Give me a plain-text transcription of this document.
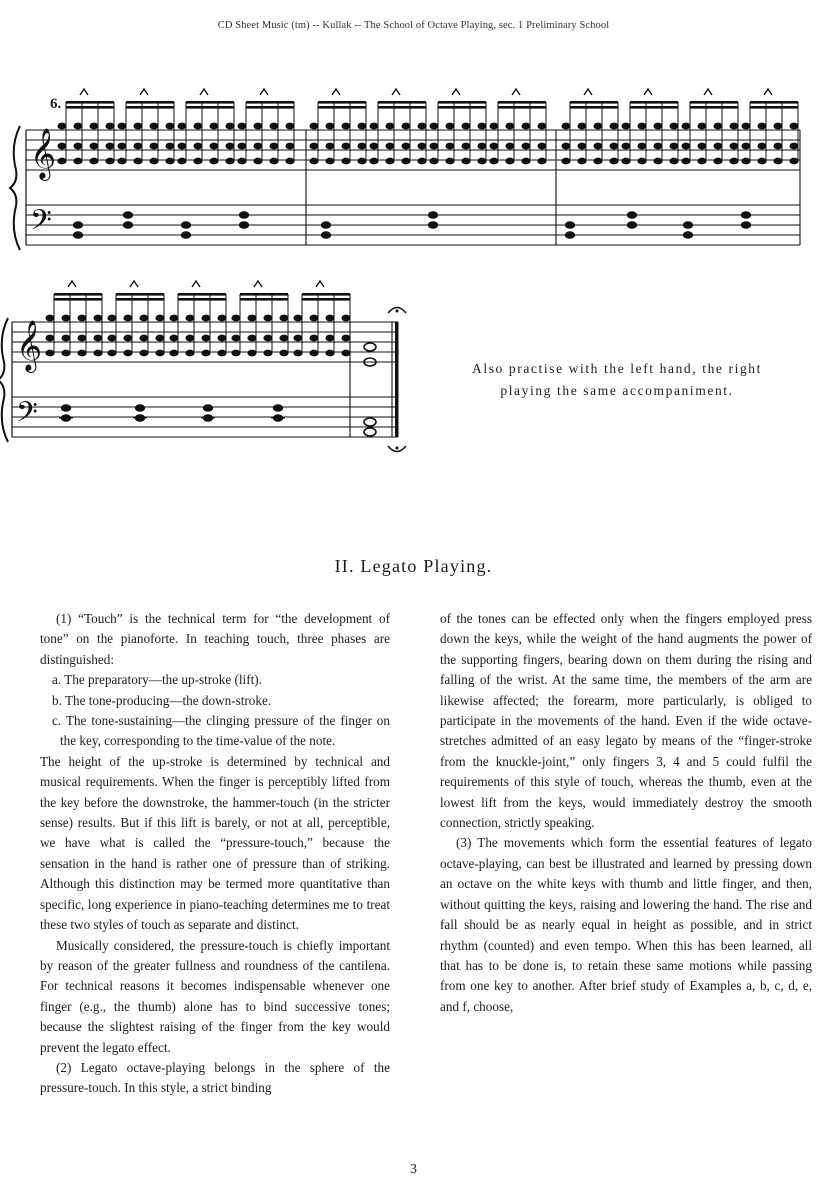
CD Sheet Music (tm) -- Kullak -- The School of Octave Playing, sec. 1 Preliminary School
𝄞
𝄢
𝄞
𝄢
6.
Also practise with the left hand, the right playing the same accompaniment.
II. Legato Playing.

(1) “Touch” is the technical term for “the development of tone” on the pianoforte. In teaching touch, three phases are distinguished:

a. The preparatory––the up-stroke (lift).

b. The tone-producing––the down-stroke.

c. The tone-sustaining––the clinging pressure of the finger on the key, corresponding to the time-value of the note.

The height of the up-stroke is determined by technical and musical requirements. When the finger is perceptibly lifted from the key before the downstroke, the hammer-touch (in the stricter sense) results. But if this lift is barely, or not at all, perceptible, we have what is called the “pressure-touch,” because the sensation in the hand is rather one of pressure than of striking. Although this distinction may be termed more quantitative than specific, long experience in piano-teaching determines me to treat these two styles of touch as separate and distinct.

Musically considered, the pressure-touch is chiefly important by reason of the greater fullness and roundness of the cantilena. For technical reasons it becomes indispensable whenever one finger (e.g., the thumb) alone has to bind successive tones; because the slightest raising of the finger from the key would prevent the legato effect.

(2) Legato octave-playing belongs in the sphere of the pressure-touch. In this style, a strict binding

of the tones can be effected only when the fingers employed press down the keys, while the weight of the hand augments the power of the supporting fingers, bearing down on them during the rising and falling of the wrist. At the same time, the members of the arm are likewise affected; the forearm, more particularly, is obliged to participate in the movements of the hand. Even if the wide octave-stretches admitted of an easy legato by means of the “finger-stroke from the knuckle-joint,” only fingers 3, 4 and 5 could fulfil the requirements of this style of touch, whereas the thumb, even at the lowest lift from the keys, would immediately destroy the smooth connection, strictly speaking.

(3) The movements which form the essential features of legato octave-playing, can best be illustrated and learned by pressing down an octave on the white keys with thumb and little finger, and then, without quitting the keys, raising and lowering the hand. The rise and fall should be as nearly equal in height as possible, and in strict rhythm (counted) and even tempo. When this has been learned, all that has to be done is, to retain these same motions while passing from one key to another. After brief study of Examples a, b, c, d, e, and f, choose,

3
